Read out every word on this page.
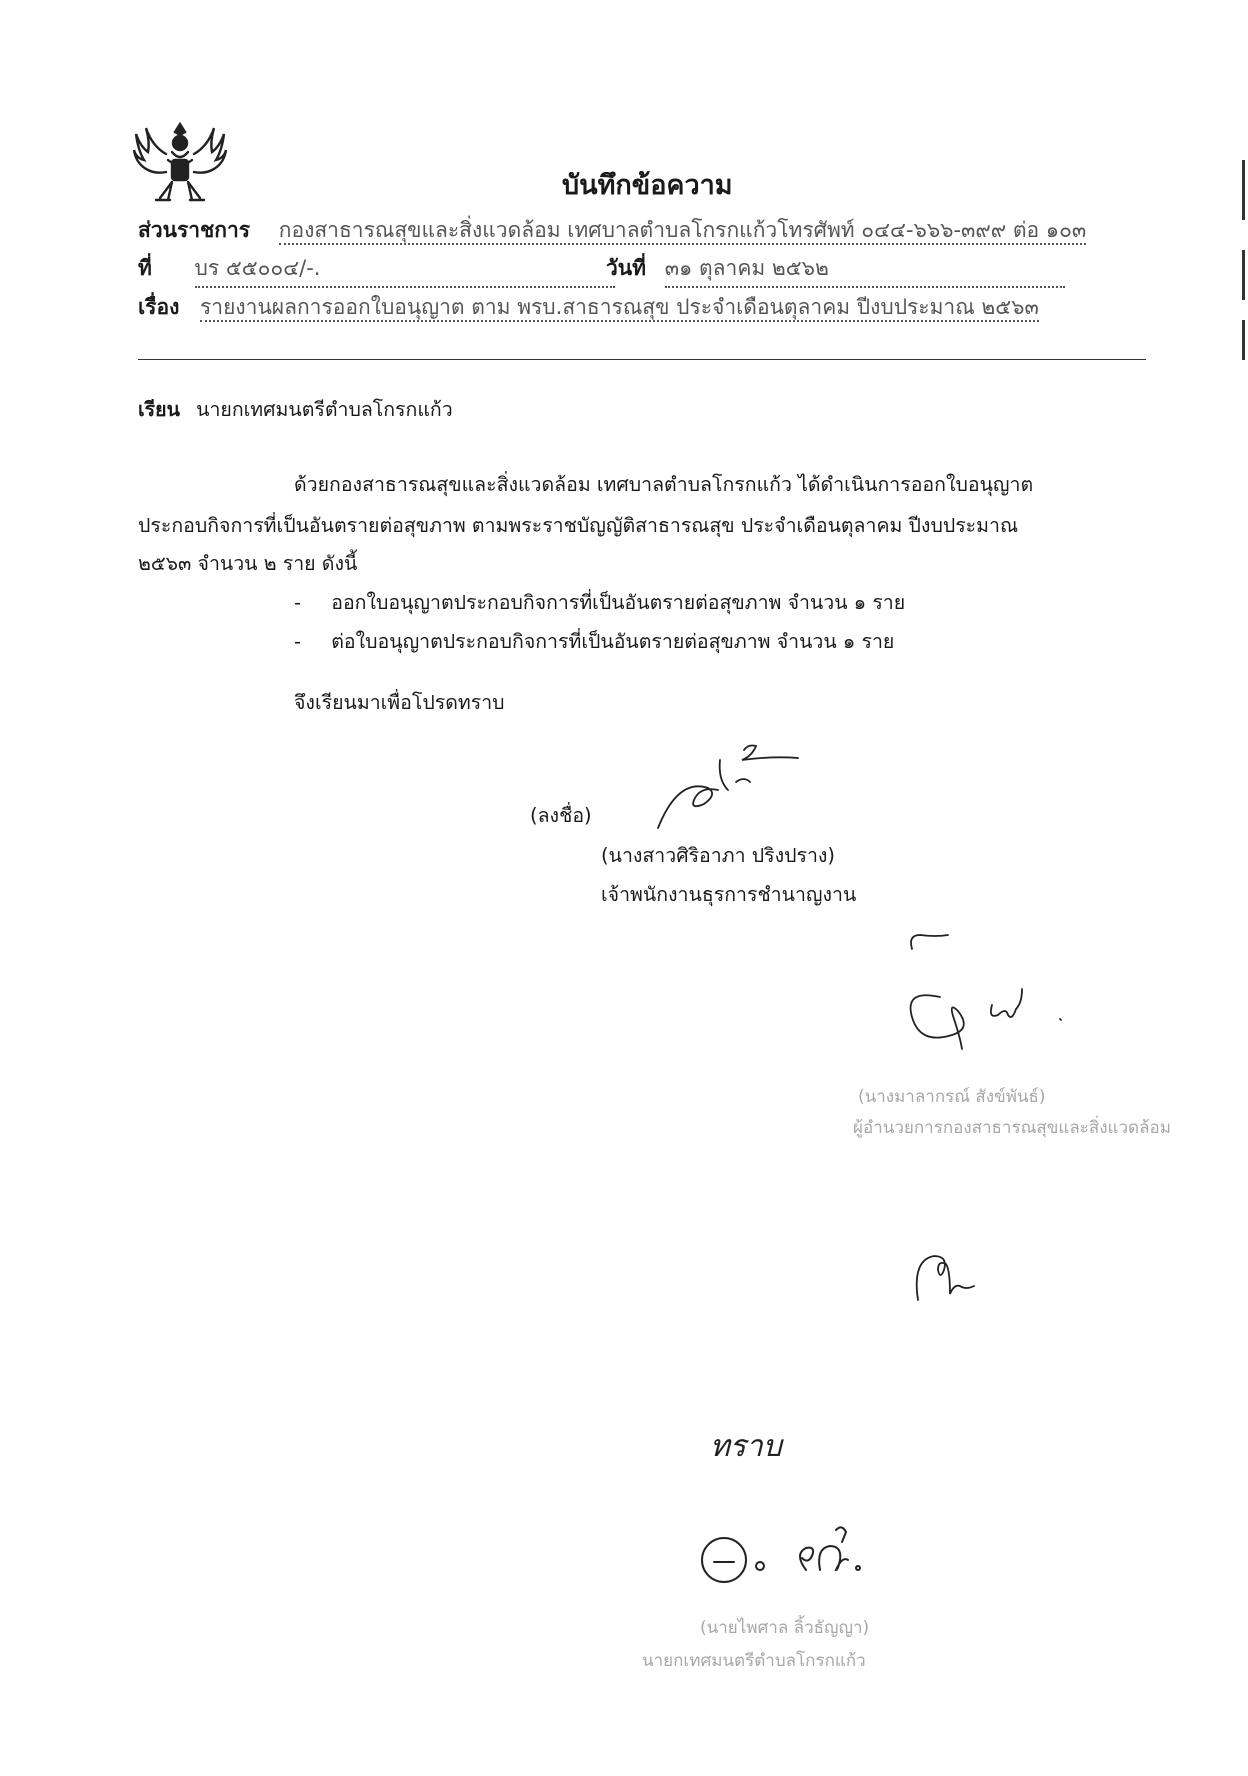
บันทึกข้อความ
ส่วนราชการ กองสาธารณสุขและสิ่งแวดล้อม เทศบาลตำบลโกรกแก้วโทรศัพท์ ๐๔๔-๖๖๖-๓๙๙ ต่อ ๑๐๓
ที่ บร ๕๕๐๐๔/-.	วันที่ ๓๑ ตุลาคม ๒๕๖๒
เรื่อง รายงานผลการออกใบอนุญาต ตาม พรบ.สาธารณสุข ประจำเดือนตุลาคม ปีงบประมาณ ๒๕๖๓
เรียน นายกเทศมนตรีตำบลโกรกแก้ว
ด้วยกองสาธารณสุขและสิ่งแวดล้อม เทศบาลตำบลโกรกแก้ว ได้ดำเนินการออกใบอนุญาต
ประกอบกิจการที่เป็นอันตรายต่อสุขภาพ ตามพระราชบัญญัติสาธารณสุข ประจำเดือนตุลาคม ปีงบประมาณ
๒๕๖๓ จำนวน ๒ ราย ดังนี้
- ออกใบอนุญาตประกอบกิจการที่เป็นอันตรายต่อสุขภาพ จำนวน ๑ ราย
- ต่อใบอนุญาตประกอบกิจการที่เป็นอันตรายต่อสุขภาพ จำนวน ๑ ราย
จึงเรียนมาเพื่อโปรดทราบ
(ลงชื่อ)
(นางสาวศิริอาภา ปริงปราง)
เจ้าพนักงานธุรการชำนาญงาน
(นางมาลากรณ์ สังข์พันธ์)
ผู้อำนวยการกองสาธารณสุขและสิ่งแวดล้อม
ทราบ
(นายไพศาล ลิ้วธัญญา)
นายกเทศมนตรีตำบลโกรกแก้ว
